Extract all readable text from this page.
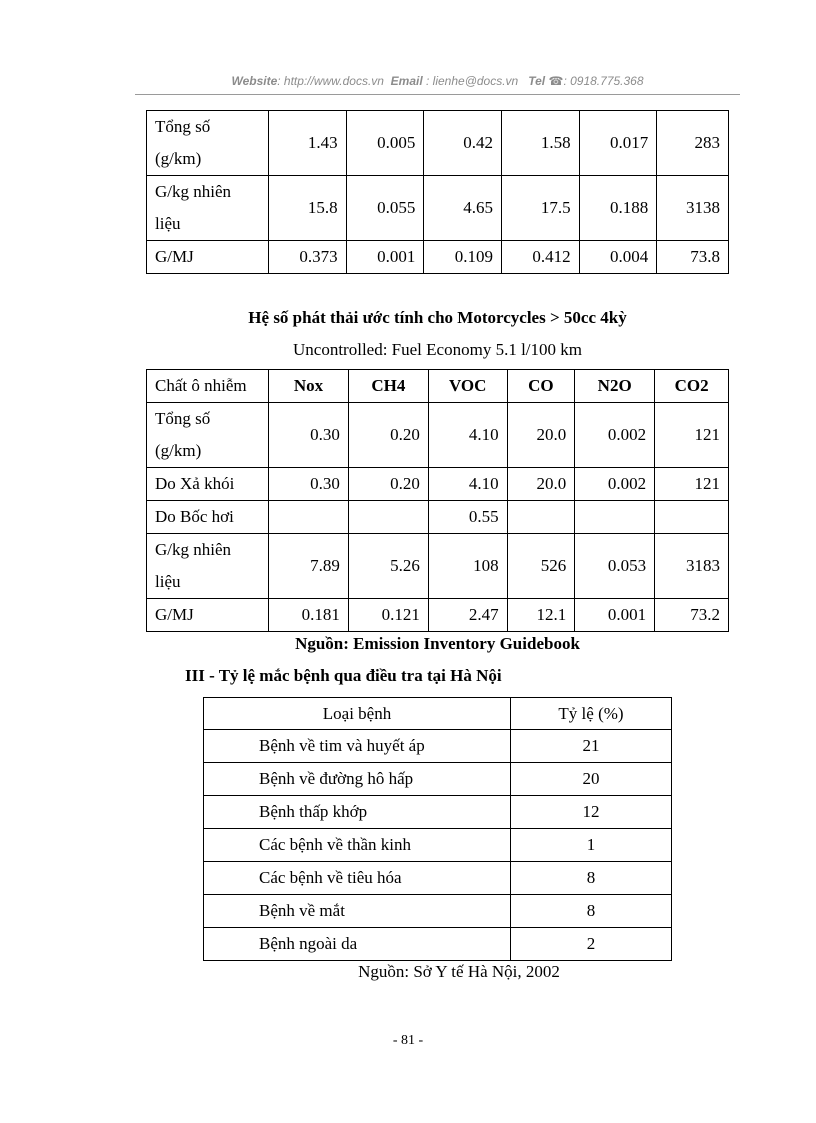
Website: http://www.docs.vn Email : lienhe@docs.vn Tel ☎: 0918.775.368
Tổng số (g/km)	1.43	0.005	0.42	1.58	0.017	283
G/kg nhiên liệu	15.8	0.055	4.65	17.5	0.188	3138
G/MJ	0.373	0.001	0.109	0.412	0.004	73.8
Hệ số phát thải ước tính cho Motorcycles > 50cc 4kỳ
Uncontrolled: Fuel Economy 5.1 l/100 km
Chất ô nhiễm	Nox	CH4	VOC	CO	N2O	CO2
Tổng số (g/km)	0.30	0.20	4.10	20.0	0.002	121
Do Xả khói	0.30	0.20	4.10	20.0	0.002	121
Do Bốc hơi			0.55			
G/kg nhiên liệu	7.89	5.26	108	526	0.053	3183
G/MJ	0.181	0.121	2.47	12.1	0.001	73.2
Nguồn: Emission Inventory Guidebook
III - Tỷ lệ mắc bệnh qua điều tra tại Hà Nội
Loại bệnh	Tỷ lệ (%)
Bệnh về tim và huyết áp	21
Bệnh về đường hô hấp	20
Bệnh thấp khớp	12
Các bệnh về thần kinh	1
Các bệnh về tiêu hóa	8
Bệnh về mắt	8
Bệnh ngoài da	2
Nguồn: Sở Y tế Hà Nội, 2002
- 81 -
